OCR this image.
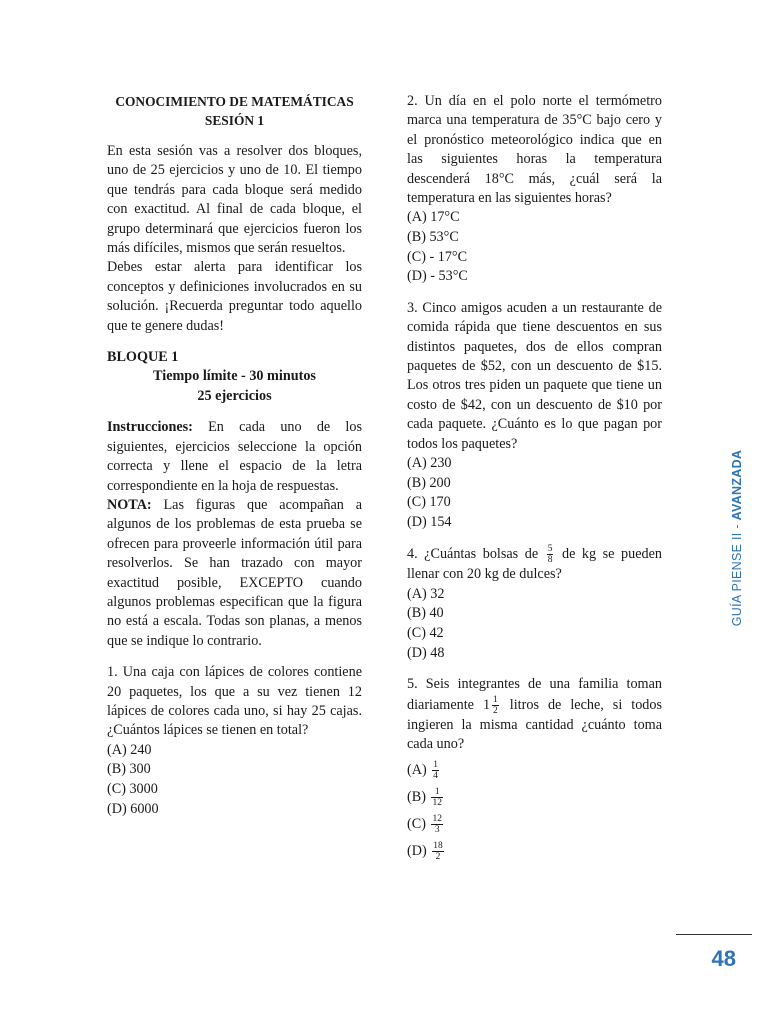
CONOCIMIENTO DE MATEMÁTICAS
SESIÓN 1

En esta sesión vas a resolver dos bloques, uno de 25 ejercicios y uno de 10. El tiempo que tendrás para cada bloque será medido con exactitud. Al final de cada bloque, el grupo determinará que ejercicios fueron los más difíciles, mismos que serán resueltos.

Debes estar alerta para identificar los conceptos y definiciones involucrados en su solución. ¡Recuerda preguntar todo aquello que te genere dudas!

BLOQUE 1
Tiempo límite - 30 minutos
25 ejercicios

Instrucciones: En cada uno de los siguientes, ejercicios seleccione la opción correcta y llene el espacio de la letra correspondiente en la hoja de respuestas.

NOTA: Las figuras que acompañan a algunos de los problemas de esta prueba se ofrecen para proveerle información útil para resolverlos. Se han trazado con mayor exactitud posible, EXCEPTO cuando algunos problemas especifican que la figura no está a escala. Todas son planas, a menos que se indique lo contrario.

1. Una caja con lápices de colores contiene 20 paquetes, los que a su vez tienen 12 lápices de colores cada uno, si hay 25 cajas. ¿Cuántos lápices se tienen en total?

(A) 240

(B) 300

(C) 3000

(D) 6000

2. Un día en el polo norte el termómetro marca una temperatura de 35°C bajo cero y el pronóstico meteorológico indica que en las siguientes horas la temperatura descenderá 18°C más, ¿cuál será la temperatura en las siguientes horas?

(A) 17°C

(B) 53°C

(C) - 17°C

(D) - 53°C

3. Cinco amigos acuden a un restaurante de comida rápida que tiene descuentos en sus distintos paquetes, dos de ellos compran paquetes de $52, con un descuento de $15. Los otros tres piden un paquete que tiene un costo de $42, con un descuento de $10 por cada paquete. ¿Cuánto es lo que pagan por todos los paquetes?

(A) 230

(B) 200

(C) 170

(D) 154

4. ¿Cuántas bolsas de $\frac{5}{8}$ de kg se pueden llenar con 20 kg de dulces?

(A) 32

(B) 40

(C) 42

(D) 48

5. Seis integrantes de una familia toman diariamente $1 \frac{1}{2}$ litros de leche, si todos ingieren la misma cantidad ¿cuánto toma cada uno?

$(A) \frac{1}{4}$

$(B) \frac{1}{12}$

$(C) \frac{12}{3}$

$(D) \frac{18}{2}$

GUÍA PIENSE II - AVANZADA
48
